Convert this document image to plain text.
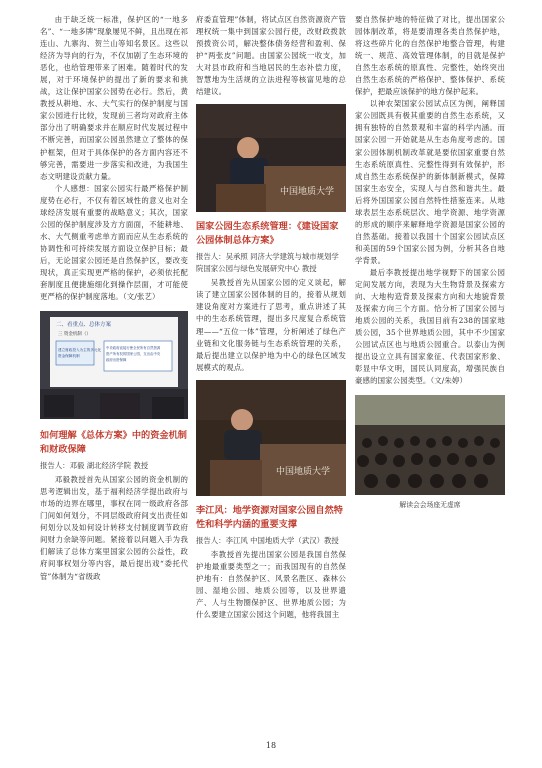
由于缺乏统一标准，保护区的“一地多名”、“一地多牌”现象屡见不鲜，且出现在祁连山、九寨沟、贺兰山等知名景区。这些以经济为导向的行为，不仅加剧了生态环境的恶化，也给管理带来了困难。随着时代的发展，对于环境保护的提出了新的要求和挑战，这让保护国家公园势在必行。然后，黄教授从耕地、水、大气实行的保护制度与国家公园进行比较，发现前三者均对政府主体部分出了明确要求并在顺应时代发展过程中不断完善，而国家公园虽然建立了整体的保护框架，但对于具体保护的各方面内容还不够完善，需要进一步落实和改进，为我国生态文明建设贡献力量。

个人感想：国家公园实行最严格保护制度势在必行，不仅有着区域性的意义也对全球经济发展有重要的战略意义；其次，国家公园的保护制度涉及方方面面，不能耕地、水、大气侧重考虑单方面而应从生态系统的协调性和可持续发展方面设立保护目标；最后，无论国家公园还是自然保护区，要改变现状，真正实现更严格的保护，必须依托配套制度且便捷施细化到操作层面，才可能使更严格的保护制度落地。（文/张艺）

二、看重点、总体方案
三 资金机制（）
建立财政投入为主的多元化
资金保障机制
中央政府直接行使全民所有自然资源
资产所有权的国家公园，支出由中央
政府出资保障
如何理解《总体方案》中的资金机制和财政保障

报告人：邓毅 湖北经济学院 教授

邓毅教授首先从国家公园的资金机制的思考逻辑出发，基于福利经济学提出政府与市场的边界在哪里，事权在同一级政府各部门间如何划分，不同层级政府间支出责任如何划分以及如何设计转移支付制度调节政府间财力余缺等问题。紧接着以问题入手为我们解读了总体方案里国家公园的公益性，政府间事权划分等内容，最后提出戏“委托代管”体制为“省级政

府委直管理”体制，将试点区自然资源资产管理权统一集中到国家公园行使，改财政拨款预拨资公司，解决整体债务经营和盈利、保护“两张皮”问题。由国家公园统一收支，加大对县市政府和当地居民的生态补偿力度，智慧地为生活规的立法进程等核富见地的总结建议。

中国地质大学
国家公园生态系统管理：《建设国家公园体制总体方案》

报告人：吴承照 同济大学建筑与城市规划学院国家公园与绿色发展研究中心 教授

吴教授首先从国家公园的定义谈起，解读了建立国家公园体制的目的，接着从规划建设角度对方案进行了思考，重点讲述了其中的生态系统管理，提出多尺度复合系统管理——“五位一体”管理，分析阐述了绿色产业链和文化服务链与生态系统管理的关系，最后提出建立以保护地为中心的绿色区域发展模式的观点。

中国地质大学
李江风：地学资源对国家公园自然特性和科学内涵的重要支撑

报告人：李江风 中国地质大学（武汉）教授

李教授首先提出国家公园是我国自然保护地最重要类型之一；而我国现有的自然保护地有：自然保护区、风景名胜区、森林公园、湿地公园、地质公园等，以及世界遗产、人与生物圈保护区、世界地质公园；为什么要建立国家公园这个问题，他将我国主

要自然保护地的特征做了对比，提出国家公园体制改革，将是要清理各类自然保护地，将这些碎片化的自然保护地整合管理，构建统一、规范、高效管理体制，的目就是保护自然生态系统的原真性、完整性，始终突出自然生态系统的严格保护、整体保护、系统保护，把最应该保护的地方保护起来。

以神农架国家公园试点区为例，阐释国家公园既具有极其重要的自然生态系统，又拥有独特的自然景观和丰富的科学内涵。而国家公园一开始就是从生态角度考虑的。国家公园体制机制改革就是要依国家重要自然生态系统原真性、完整性得到有效保护，形成自然生态系统保护的新体制新模式，保障国家生态安全，实现人与自然和谐共生。最后将外国国家公园自然特性措鉴连来。从地球表层生态系统层次、地学资源、地学资源的形成的顺序来解释地学资源是国家公园的自然基础。接着以我国十个国家公园试点区和美国的59个国家公园为例，分析其各自地学背景。

最后李教授提出地学视野下的国家公园定间发展方向，表现为大生物背景及探索方向、大地构造背景及探索方向和大地貌背景及探索方向三个方面。恰分析了国家公园与地质公园的关系，我国目前有238的国家地质公园，35个世界地质公园，其中不少国家公园试点区也与地质公园重合。以泰山为例提出设立立具有国家象征、代表国家形象、彰显中华文明，国民认同度高，增强民族自豪感的国家公园类型。（文/朱婷）

解读会会场座无虚席
18
